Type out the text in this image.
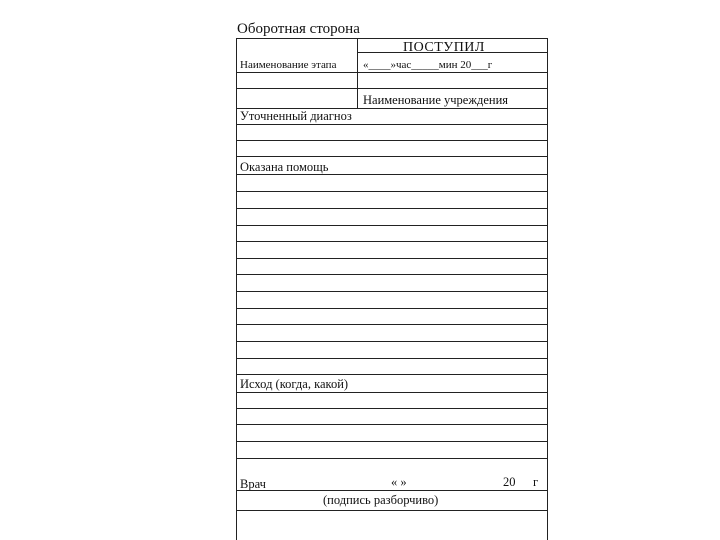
Оборотная сторона
ПОСТУПИЛ
Наименование этапа «____»час_____мин 20___г
Наименование учреждения
Уточненный диагноз
Оказана помощь
Исход (когда, какой)
Врач	« »	20 г
(подпись разборчиво)
